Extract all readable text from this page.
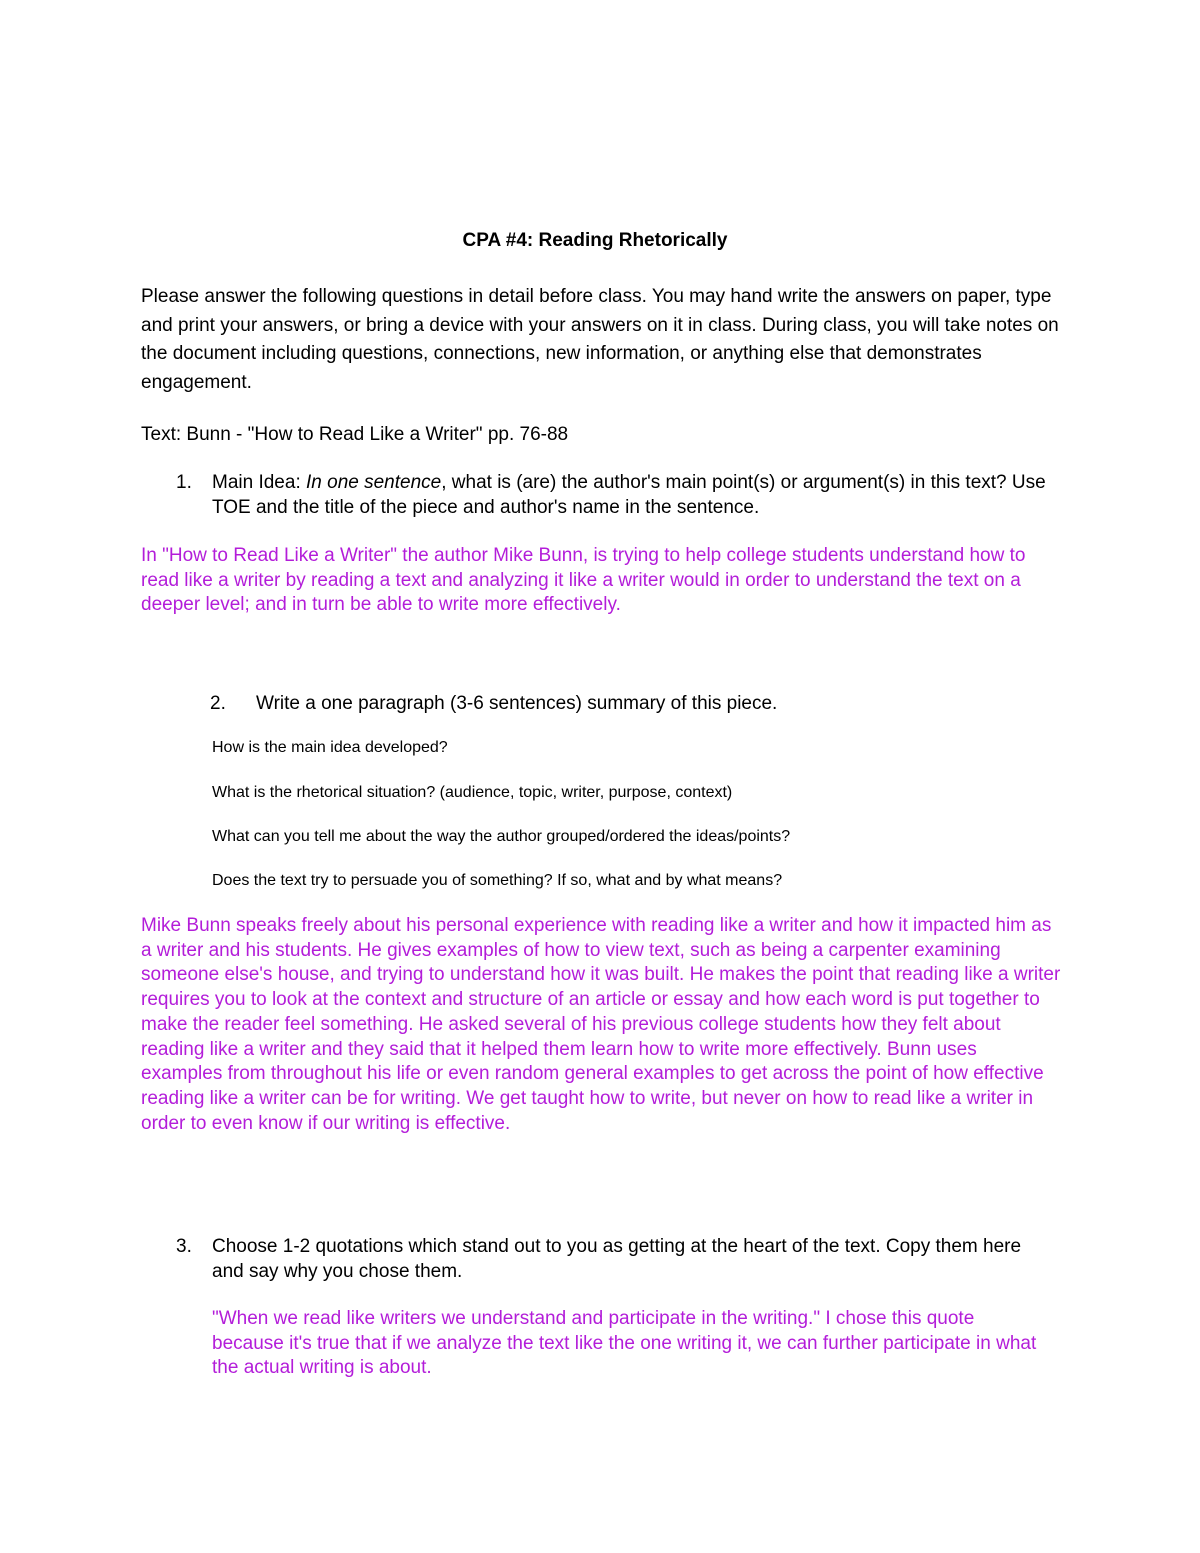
CPA #4: Reading Rhetorically
Please answer the following questions in detail before class. You may hand write the answers on paper, type and print your answers, or bring a device with your answers on it in class. During class, you will take notes on the document including questions, connections, new information, or anything else that demonstrates engagement.
Text: Bunn - "How to Read Like a Writer" pp. 76-88
1. Main Idea: In one sentence, what is (are) the author's main point(s) or argument(s) in this text? Use TOE and the title of the piece and author's name in the sentence.
In "How to Read Like a Writer" the author Mike Bunn, is trying to help college students understand how to read like a writer by reading a text and analyzing it like a writer would in order to understand the text on a deeper level; and in turn be able to write more effectively.
2. Write a one paragraph (3-6 sentences) summary of this piece.
How is the main idea developed?
What is the rhetorical situation? (audience, topic, writer, purpose, context)
What can you tell me about the way the author grouped/ordered the ideas/points?
Does the text try to persuade you of something? If so, what and by what means?
Mike Bunn speaks freely about his personal experience with reading like a writer and how it impacted him as a writer and his students. He gives examples of how to view text, such as being a carpenter examining someone else's house, and trying to understand how it was built. He makes the point that reading like a writer requires you to look at the context and structure of an article or essay and how each word is put together to make the reader feel something. He asked several of his previous college students how they felt about reading like a writer and they said that it helped them learn how to write more effectively. Bunn uses examples from throughout his life or even random general examples to get across the point of how effective reading like a writer can be for writing. We get taught how to write, but never on how to read like a writer in order to even know if our writing is effective.
3. Choose 1-2 quotations which stand out to you as getting at the heart of the text. Copy them here and say why you chose them.
"When we read like writers we understand and participate in the writing." I chose this quote because it's true that if we analyze the text like the one writing it, we can further participate in what the actual writing is about.
